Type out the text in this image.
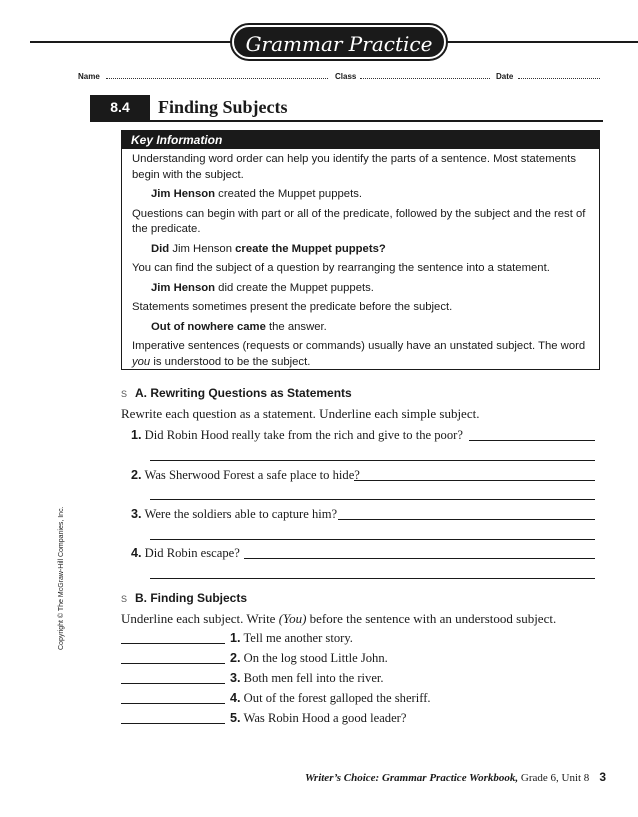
Grammar Practice
Name	Class	Date
8.4	Finding Subjects
Key Information

Understanding word order can help you identify the parts of a sentence. Most statements begin with the subject.

Jim Henson created the Muppet puppets.

Questions can begin with part or all of the predicate, followed by the subject and the rest of the predicate.

Did Jim Henson create the Muppet puppets?

You can find the subject of a question by rearranging the sentence into a statement.

Jim Henson did create the Muppet puppets.

Statements sometimes present the predicate before the subject.

Out of nowhere came the answer.

Imperative sentences (requests or commands) usually have an unstated subject. The word you is understood to be the subject.

S A. Rewriting Questions as Statements
Rewrite each question as a statement. Underline each simple subject.
1. Did Robin Hood really take from the rich and give to the poor?
2. Was Sherwood Forest a safe place to hide?
3. Were the soldiers able to capture him?
4. Did Robin escape?
S B. Finding Subjects
Underline each subject. Write (You) before the sentence with an understood subject.
1. Tell me another story.
2. On the log stood Little John.
3. Both men fell into the river.
4. Out of the forest galloped the sheriff.
5. Was Robin Hood a good leader?
Copyright © The McGraw-Hill Companies, Inc.
Writer’s Choice: Grammar Practice Workbook, Grade 6, Unit 8 3
